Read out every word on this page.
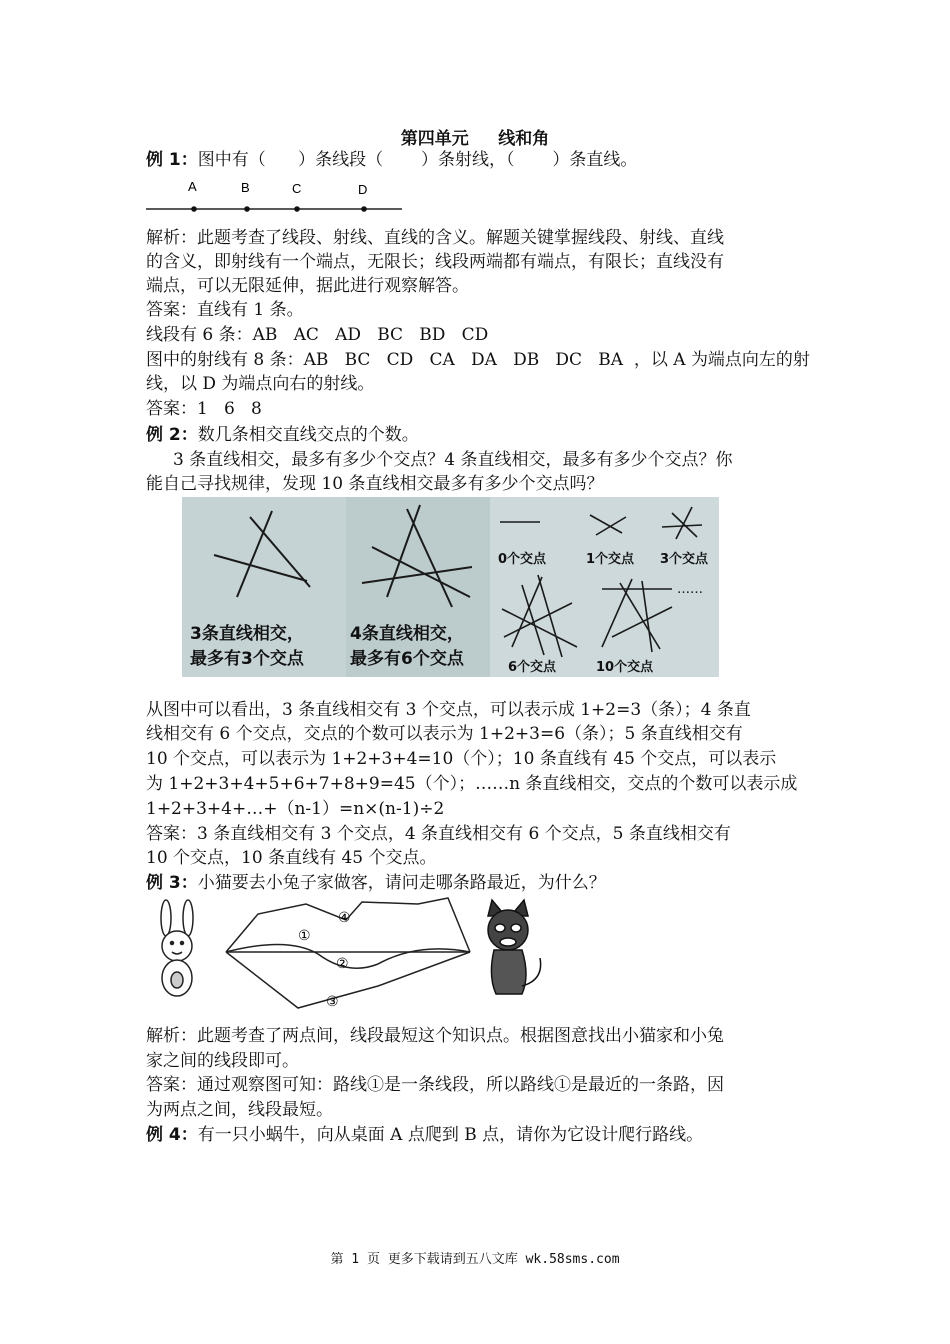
第四单元     线和角
例 1：图中有（      ）条线段（       ）条射线，（       ）条直线。
A	B	C	D
解析：此题考查了线段、射线、直线的含义。解题关键掌握线段、射线、直线
的含义，即射线有一个端点，无限长；线段两端都有端点，有限长；直线没有
端点，可以无限延伸，据此进行观察解答。
答案：直线有 1 条。
线段有 6 条：AB   AC   AD   BC   BD   CD
图中的射线有 8 条：AB   BC   CD   CA   DA   DB   DC   BA  ，以 A 为端点向左的射
线，以 D 为端点向右的射线。
答案：1   6   8
例 2：数几条相交直线交点的个数。
3 条直线相交，最多有多少个交点？4 条直线相交，最多有多少个交点？你
能自己寻找规律，发现 10 条直线相交最多有多少个交点吗？
3条直线相交，
最多有3个交点
4条直线相交，
最多有6个交点
0个交点	1个交点 3个交点
6个交点
……
10个交点
从图中可以看出，3 条直线相交有 3 个交点，可以表示成 1+2=3（条）；4 条直
线相交有 6 个交点，交点的个数可以表示为 1+2+3=6（条）；5 条直线相交有
10 个交点，可以表示为 1+2+3+4=10（个）；10 条直线有 45 个交点，可以表示
为 1+2+3+4+5+6+7+8+9=45（个）；……n 条直线相交，交点的个数可以表示成
1+2+3+4+…+（n-1）=n×(n-1)÷2
答案：3 条直线相交有 3 个交点，4 条直线相交有 6 个交点，5 条直线相交有
10 个交点，10 条直线有 45 个交点。
例 3：小猫要去小兔子家做客，请问走哪条路最近，为什么？
①
②
③
④
解析：此题考查了两点间，线段最短这个知识点。根据图意找出小猫家和小兔
家之间的线段即可。
答案：通过观察图可知：路线①是一条线段，所以路线①是最近的一条路，因
为两点之间，线段最短。
例 4：有一只小蜗牛，向从桌面 A 点爬到 B 点，请你为它设计爬行路线。
第 1 页 更多下载请到五八文库 wk.58sms.com
